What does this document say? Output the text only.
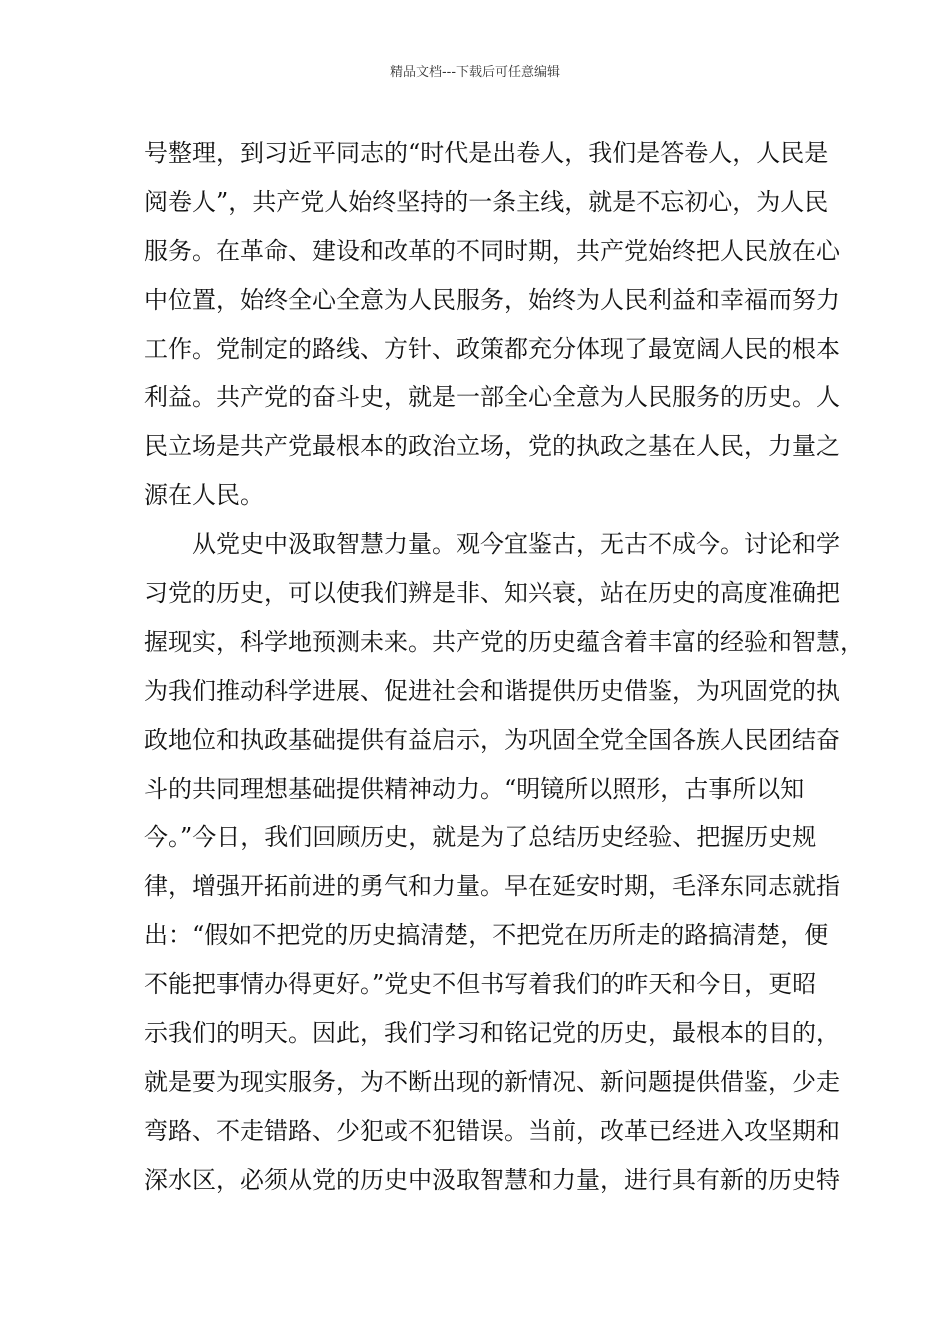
精品文档---下载后可任意编辑
号整理，到习近平同志的“时代是出卷人，我们是答卷人，人民是
阅卷人”，共产党人始终坚持的一条主线，就是不忘初心，为人民
服务。在革命、建设和改革的不同时期，共产党始终把人民放在心
中位置，始终全心全意为人民服务，始终为人民利益和幸福而努力
工作。党制定的路线、方针、政策都充分体现了最宽阔人民的根本
利益。共产党的奋斗史，就是一部全心全意为人民服务的历史。人
民立场是共产党最根本的政治立场，党的执政之基在人民，力量之
源在人民。
　　从党史中汲取智慧力量。观今宜鉴古，无古不成今。讨论和学
习党的历史，可以使我们辨是非、知兴衰，站在历史的高度准确把
握现实，科学地预测未来。共产党的历史蕴含着丰富的经验和智慧，
为我们推动科学进展、促进社会和谐提供历史借鉴，为巩固党的执
政地位和执政基础提供有益启示，为巩固全党全国各族人民团结奋
斗的共同理想基础提供精神动力。“明镜所以照形，古事所以知
今。”今日，我们回顾历史，就是为了总结历史经验、把握历史规
律，增强开拓前进的勇气和力量。早在延安时期，毛泽东同志就指
出：“假如不把党的历史搞清楚，不把党在历所走的路搞清楚，便
不能把事情办得更好。”党史不但书写着我们的昨天和今日，更昭
示我们的明天。因此，我们学习和铭记党的历史，最根本的目的，
就是要为现实服务，为不断出现的新情况、新问题提供借鉴，少走
弯路、不走错路、少犯或不犯错误。当前，改革已经进入攻坚期和
深水区，必须从党的历史中汲取智慧和力量，进行具有新的历史特
